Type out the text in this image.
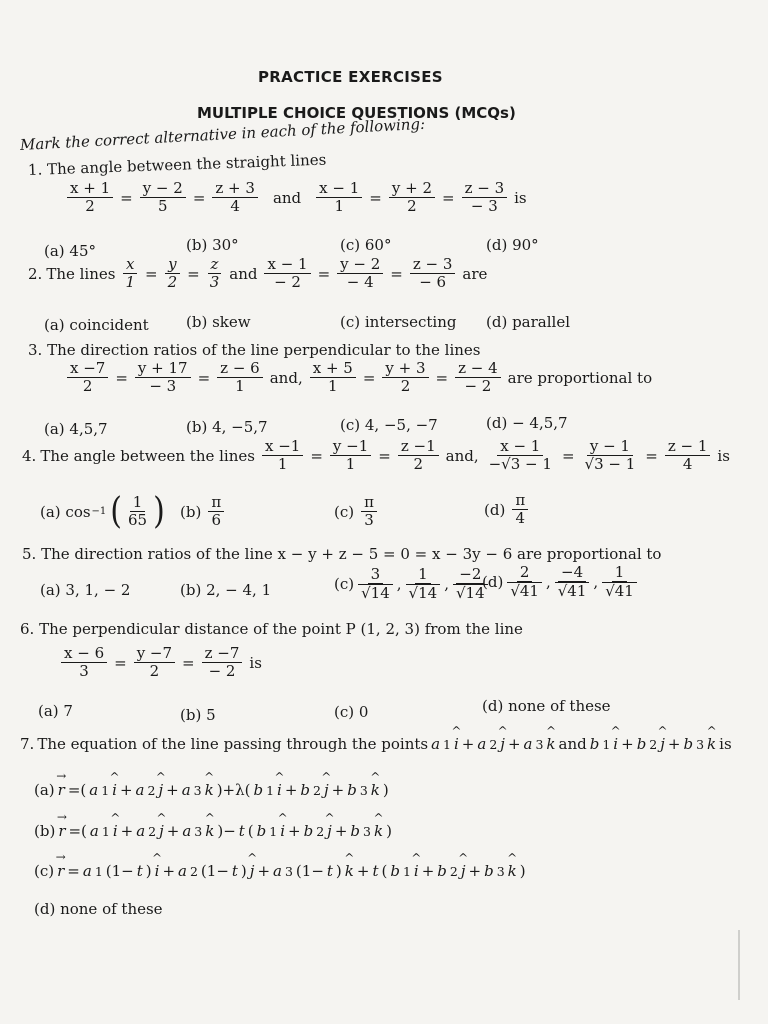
PRACTICE EXERCISES
MULTIPLE CHOICE QUESTIONS (MCQs)
Mark the correct alternative in each of the following:
1. The angle between the straight lines
$\frac{x + 1}{2} = \frac{y - 2}{5} = \frac{z + 3}{4}$ and $\frac{x - 1}{1} = \frac{y + 2}{2} = \frac{z - 3}{- 3}$ is
(a) 45°	(b) 30°	(c) 60°	(d) 90°
2. The lines $\frac{x}{1} = \frac{y}{2} = \frac{z}{3}$ and $\frac{x - 1}{- 2} = \frac{y - 2}{- 4} = \frac{z - 3}{- 6}$ are
(a) coincident (b) skew	(c) intersecting (d) parallel
3. The direction ratios of the line perpendicular to the lines
$\frac{x -7}{2} = \frac{y + 17}{- 3} = \frac{z - 6}{1}$ and, $\frac{x + 5}{1} = \frac{y + 3}{2} = \frac{z - 4}{- 2}$ are proportional to
(a) 4,5,7	(b) 4, −5,7	(c) 4, −5, −7	(d) − 4,5,7
4. The angle between the lines $\frac{x -1}{1} = \frac{y -1}{1} = \frac{z -1}{2}$ and, $\frac{x - 1}{-√3 - 1} = \frac{y - 1}{√3 - 1} = \frac{z - 1}{4}$ is
(a) cos −1 ( $\frac{1}{65}$ ) $(b) \frac{\pi}{6}$	$(c) \frac{\pi}{3}$	$(d) \frac{\pi}{4}$
5. The direction ratios of the line x − y + z − 5 = 0 = x − 3y − 6 are proportional to
(a) 3, 1, − 2	(b) 2, − 4, 1	$(c) \frac{3}{√14}$ , $\frac{1}{√14}$ , $\frac{-2}{√14}$
$(d) \frac{2}{√41}$ , $\frac{-4}{√41}$ , $\frac{1}{√41}$
6. The perpendicular distance of the point P (1, 2, 3) from the line
$\frac{x - 6}{3} = \frac{y -7}{2} = \frac{z -7}{- 2}$ is
(a) 7	(b) 5	(c) 0	(d) none of these
7. The equation of the line passing through the points a 1 ^ i + a 2 ^ j + a 3 ^ k and b 1 ^ i + b 2 ^ j + b 3 ^ k is
(a) → r =( a 1 ^ i + a 2 ^ j + a 3 ^ k )+λ( b 1 ^ i + b 2 ^ j + b 3 ^ k )
(b) → r =( a 1 ^ i + a 2 ^ j + a 3 ^ k )− t ( b 1 ^ i + b 2 ^ j + b 3 ^ k )
(c) → r = a 1 (1− t ) ^ i + a 2 (1− t ) ^ j + a 3 (1− t ) ^ k + t ( b 1 ^ i + b 2 ^ j + b 3 ^ k )
(d) none of these
